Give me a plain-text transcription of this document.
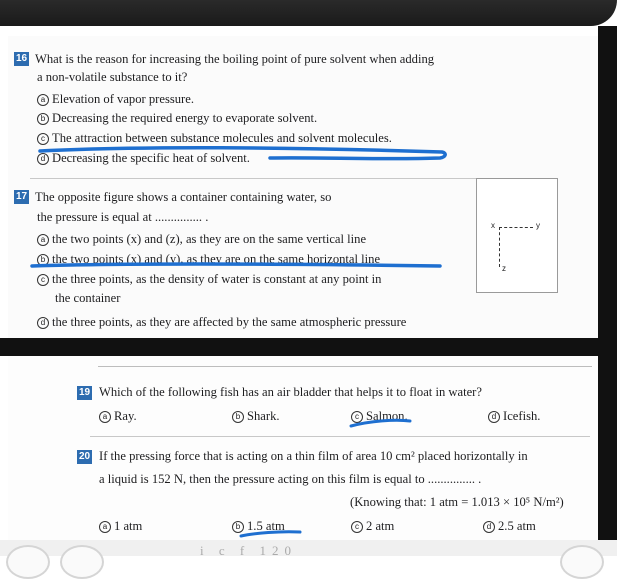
16 What is the reason for increasing the boiling point of pure solvent when adding
a non-volatile substance to it?
a Elevation of vapor pressure.
b Decreasing the required energy to evaporate solvent.
c The attraction between substance molecules and solvent molecules.
d Decreasing the specific heat of solvent.
17 The opposite figure shows a container containing water, so
the pressure is equal at ............... .
a the two points (x) and (z), as they are on the same vertical line
b the two points (x) and (y), as they are on the same horizontal line
c the three points, as the density of water is constant at any point in
the container
d the three points, as they are affected by the same atmospheric pressure
x	y
z
19 Which of the following fish has an air bladder that helps it to float in water?
a Ray.	b Shark.	c Salmon.	d Icefish.
20 If the pressing force that is acting on a thin film of area 10 cm² placed horizontally in
a liquid is 152 N, then the pressure acting on this film is equal to ............... .
(Knowing that: 1 atm = 1.013 × 10⁵ N/m²)
a 1 atm	b 1.5 atm	c 2 atm	d 2.5 atm
i c f 120
